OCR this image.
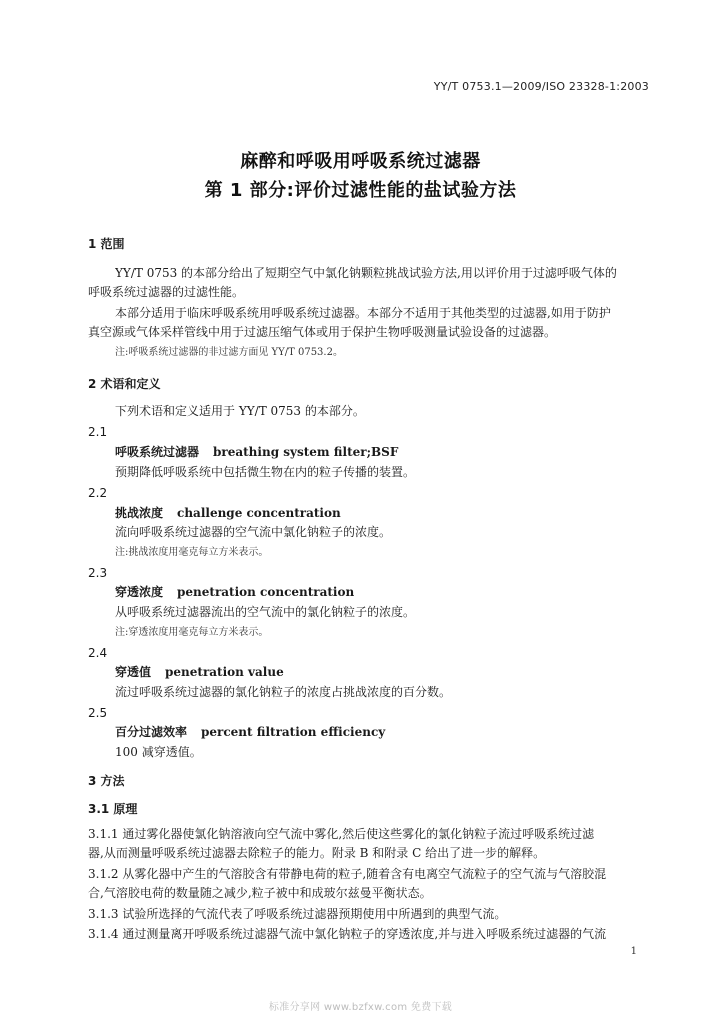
YY/T 0753.1—2009/ISO 23328-1:2003
麻醉和呼吸用呼吸系统过滤器
第 1 部分:评价过滤性能的盐试验方法
1 范围
YY/T 0753 的本部分给出了短期空气中氯化钠颗粒挑战试验方法,用以评价用于过滤呼吸气体的
呼吸系统过滤器的过滤性能。
本部分适用于临床呼吸系统用呼吸系统过滤器。本部分不适用于其他类型的过滤器,如用于防护
真空源或气体采样管线中用于过滤压缩气体或用于保护生物呼吸测量试验设备的过滤器。
注:呼吸系统过滤器的非过滤方面见 YY/T 0753.2。
2 术语和定义
下列术语和定义适用于 YY/T 0753 的本部分。
2.1
呼吸系统过滤器 breathing system filter;BSF
预期降低呼吸系统中包括微生物在内的粒子传播的装置。
2.2
挑战浓度 challenge concentration
流向呼吸系统过滤器的空气流中氯化钠粒子的浓度。
注:挑战浓度用毫克每立方米表示。
2.3
穿透浓度 penetration concentration
从呼吸系统过滤器流出的空气流中的氯化钠粒子的浓度。
注:穿透浓度用毫克每立方米表示。
2.4
穿透值 penetration value
流过呼吸系统过滤器的氯化钠粒子的浓度占挑战浓度的百分数。
2.5
百分过滤效率 percent filtration efficiency
100 减穿透值。
3 方法
3.1 原理
3.1.1 通过雾化器使氯化钠溶液向空气流中雾化,然后使这些雾化的氯化钠粒子流过呼吸系统过滤
器,从而测量呼吸系统过滤器去除粒子的能力。附录 B 和附录 C 给出了进一步的解释。
3.1.2 从雾化器中产生的气溶胶含有带静电荷的粒子,随着含有电离空气流粒子的空气流与气溶胶混
合,气溶胶电荷的数量随之减少,粒子被中和成玻尔兹曼平衡状态。
3.1.3 试验所选择的气流代表了呼吸系统过滤器预期使用中所遇到的典型气流。
3.1.4 通过测量离开呼吸系统过滤器气流中氯化钠粒子的穿透浓度,并与进入呼吸系统过滤器的气流
1
标准分享网 www.bzfxw.com 免费下载
